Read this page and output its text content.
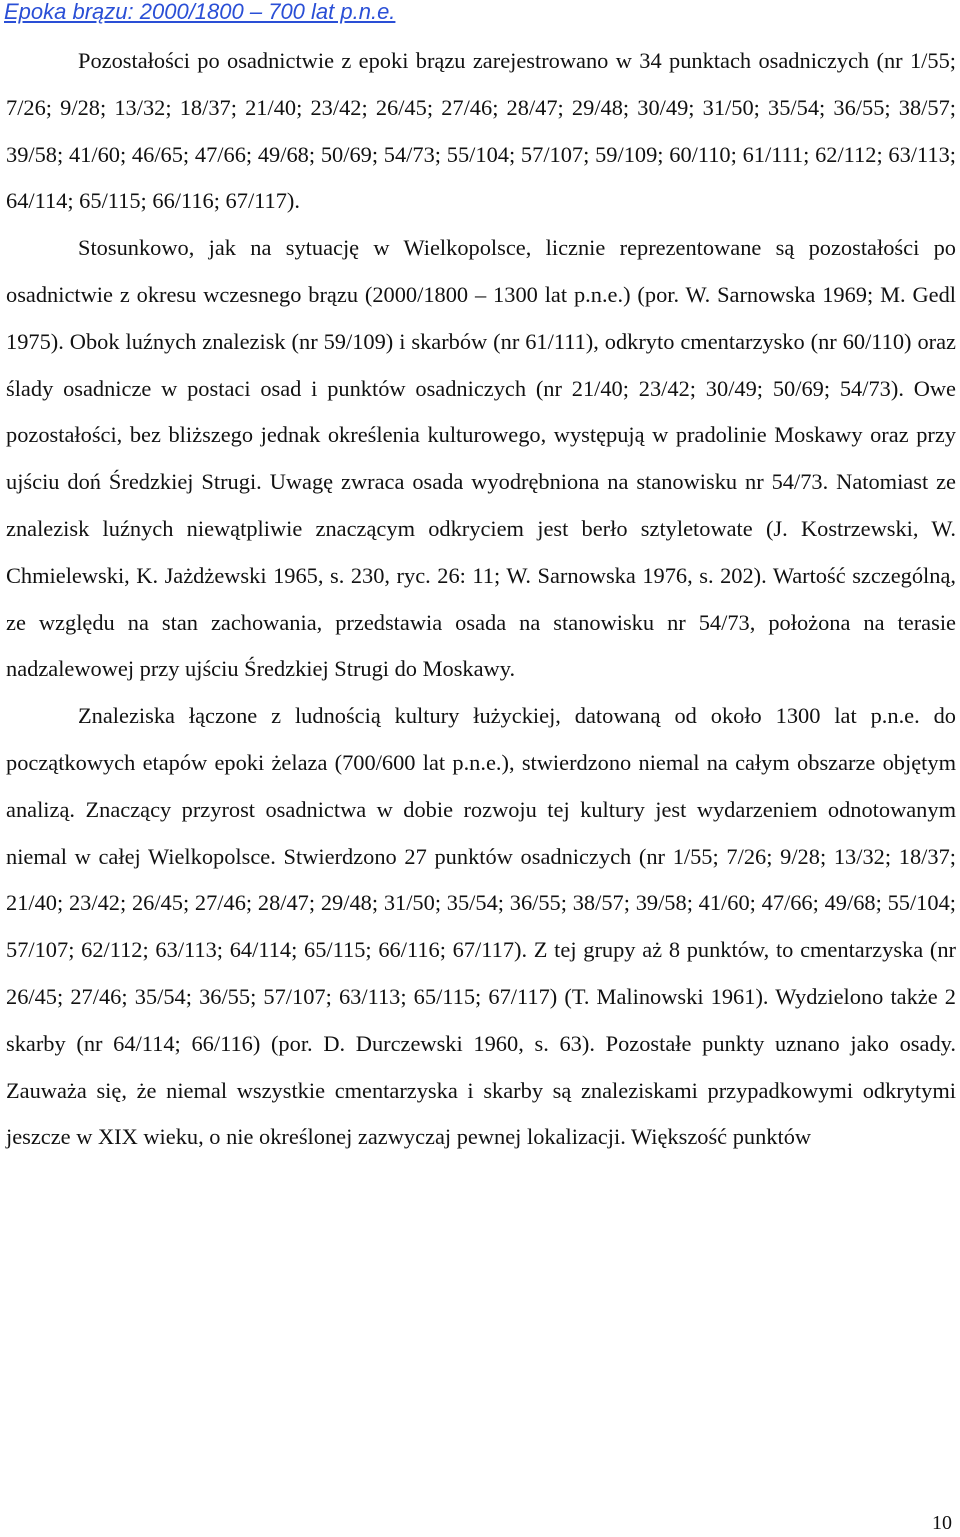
Epoka brązu: 2000/1800 – 700 lat p.n.e.

Pozostałości po osadnictwie z epoki brązu zarejestrowano w 34 punktach osadniczych (nr 1/55; 7/26; 9/28; 13/32; 18/37; 21/40; 23/42; 26/45; 27/46; 28/47; 29/48; 30/49; 31/50; 35/54; 36/55; 38/57; 39/58; 41/60; 46/65; 47/66; 49/68; 50/69; 54/73; 55/104; 57/107; 59/109; 60/110; 61/111; 62/112; 63/113; 64/114; 65/115; 66/116; 67/117).

Stosunkowo, jak na sytuację w Wielkopolsce, licznie reprezentowane są pozostałości po osadnictwie z okresu wczesnego brązu (2000/1800 – 1300 lat p.n.e.) (por. W. Sarnowska 1969; M. Gedl 1975). Obok luźnych znalezisk (nr 59/109) i skarbów (nr 61/111), odkryto cmentarzysko (nr 60/110) oraz ślady osadnicze w postaci osad i punktów osadniczych (nr 21/40; 23/42; 30/49; 50/69; 54/73). Owe pozostałości, bez bliższego jednak określenia kulturowego, występują w pradolinie Moskawy oraz przy ujściu doń Średzkiej Strugi. Uwagę zwraca osada wyodrębniona na stanowisku nr 54/73. Natomiast ze znalezisk luźnych niewątpliwie znaczącym odkryciem jest berło sztyletowate (J. Kostrzewski, W. Chmielewski, K. Jażdżewski 1965, s. 230, ryc. 26: 11; W. Sarnowska 1976, s. 202). Wartość szczególną, ze względu na stan zachowania, przedstawia osada na stanowisku nr 54/73, położona na terasie nadzalewowej przy ujściu Średzkiej Strugi do Moskawy.

Znaleziska łączone z ludnością kultury łużyckiej, datowaną od około 1300 lat p.n.e. do początkowych etapów epoki żelaza (700/600 lat p.n.e.), stwierdzono niemal na całym obszarze objętym analizą. Znaczący przyrost osadnictwa w dobie rozwoju tej kultury jest wydarzeniem odnotowanym niemal w całej Wielkopolsce. Stwierdzono 27 punktów osadniczych (nr 1/55; 7/26; 9/28; 13/32; 18/37; 21/40; 23/42; 26/45; 27/46; 28/47; 29/48; 31/50; 35/54; 36/55; 38/57; 39/58; 41/60; 47/66; 49/68; 55/104; 57/107; 62/112; 63/113; 64/114; 65/115; 66/116; 67/117). Z tej grupy aż 8 punktów, to cmentarzyska (nr 26/45; 27/46; 35/54; 36/55; 57/107; 63/113; 65/115; 67/117) (T. Malinowski 1961). Wydzielono także 2 skarby (nr 64/114; 66/116) (por. D. Durczewski 1960, s. 63). Pozostałe punkty uznano jako osady. Zauważa się, że niemal wszystkie cmentarzyska i skarby są znaleziskami przypadkowymi odkrytymi jeszcze w XIX wieku, o nie określonej zazwyczaj pewnej lokalizacji. Większość punktów

10
